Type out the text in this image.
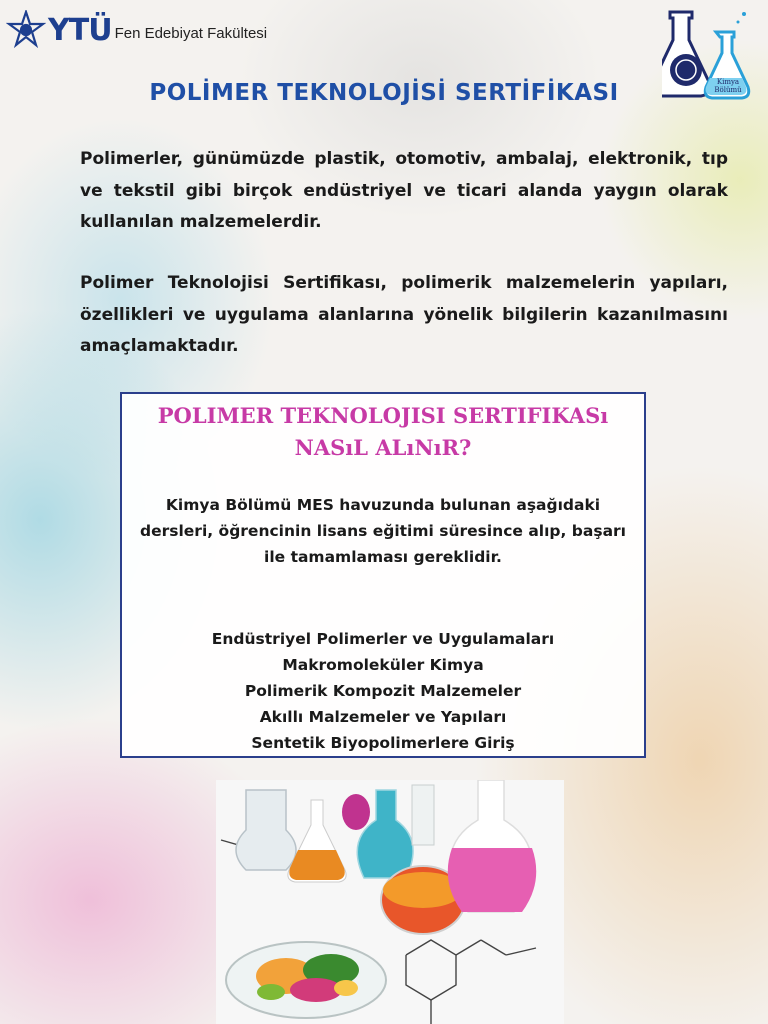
YTÜ Fen Edebiyat Fakültesi
Kimya
Bölümü
POLİMER TEKNOLOJİSİ SERTİFİKASI
Polimerler, günümüzde plastik, otomotiv, ambalaj, elektronik, tıp ve tekstil gibi birçok endüstriyel ve ticari alanda yaygın olarak kullanılan malzemelerdir.
Polimer Teknolojisi Sertifikası, polimerik malzemelerin yapıları, özellikleri ve uygulama alanlarına yönelik bilgilerin kazanılmasını amaçlamaktadır.
POLIMER TEKNOLOJISI SERTIFIKASı
NASıL ALıNıR?
Kimya Bölümü MES havuzunda bulunan aşağıdaki dersleri, öğrencinin lisans eğitimi süresince alıp, başarı ile tamamlaması gereklidir.
Endüstriyel Polimerler ve Uygulamaları
Makromoleküler Kimya
Polimerik Kompozit Malzemeler
Akıllı Malzemeler ve Yapıları
Sentetik Biyopolimerlere Giriş
